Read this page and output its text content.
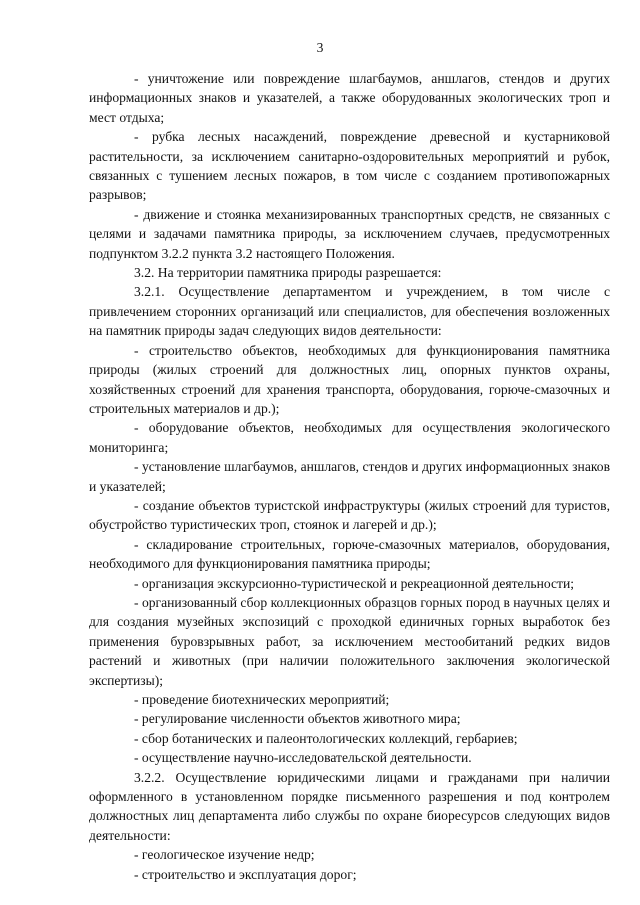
3
- уничтожение или повреждение шлагбаумов, аншлагов, стендов и других информационных знаков и указателей, а также оборудованных экологических троп и мест отдыха;
- рубка лесных насаждений, повреждение древесной и кустарниковой растительности, за исключением санитарно-оздоровительных мероприятий и рубок, связанных с тушением лесных пожаров, в том числе с созданием противопожарных разрывов;
- движение и стоянка механизированных транспортных средств, не связанных с целями и задачами памятника природы, за исключением случаев, предусмотренных подпунктом 3.2.2 пункта 3.2 настоящего Положения.
3.2. На территории памятника природы разрешается:
3.2.1. Осуществление департаментом и учреждением, в том числе с привлечением сторонних организаций или специалистов, для обеспечения возложенных на памятник природы задач следующих видов деятельности:
- строительство объектов, необходимых для функционирования памятника природы (жилых строений для должностных лиц, опорных пунктов охраны, хозяйственных строений для хранения транспорта, оборудования, горюче-смазочных и строительных материалов и др.);
- оборудование объектов, необходимых для осуществления экологического мониторинга;
- установление шлагбаумов, аншлагов, стендов и других информационных знаков и указателей;
- создание объектов туристской инфраструктуры (жилых строений для туристов, обустройство туристических троп, стоянок и лагерей и др.);
- складирование строительных, горюче-смазочных материалов, оборудования, необходимого для функционирования памятника природы;
- организация экскурсионно-туристической и рекреационной деятельности;
- организованный сбор коллекционных образцов горных пород в научных целях и для создания музейных экспозиций с проходкой единичных горных выработок без применения буровзрывных работ, за исключением местообитаний редких видов растений и животных (при наличии положительного заключения экологической экспертизы);
- проведение биотехнических мероприятий;
- регулирование численности объектов животного мира;
- сбор ботанических и палеонтологических коллекций, гербариев;
- осуществление научно-исследовательской деятельности.
3.2.2. Осуществление юридическими лицами и гражданами при наличии оформленного в установленном порядке письменного разрешения и под контролем должностных лиц департамента либо службы по охране биоресурсов следующих видов деятельности:
- геологическое изучение недр;
- строительство и эксплуатация дорог;
